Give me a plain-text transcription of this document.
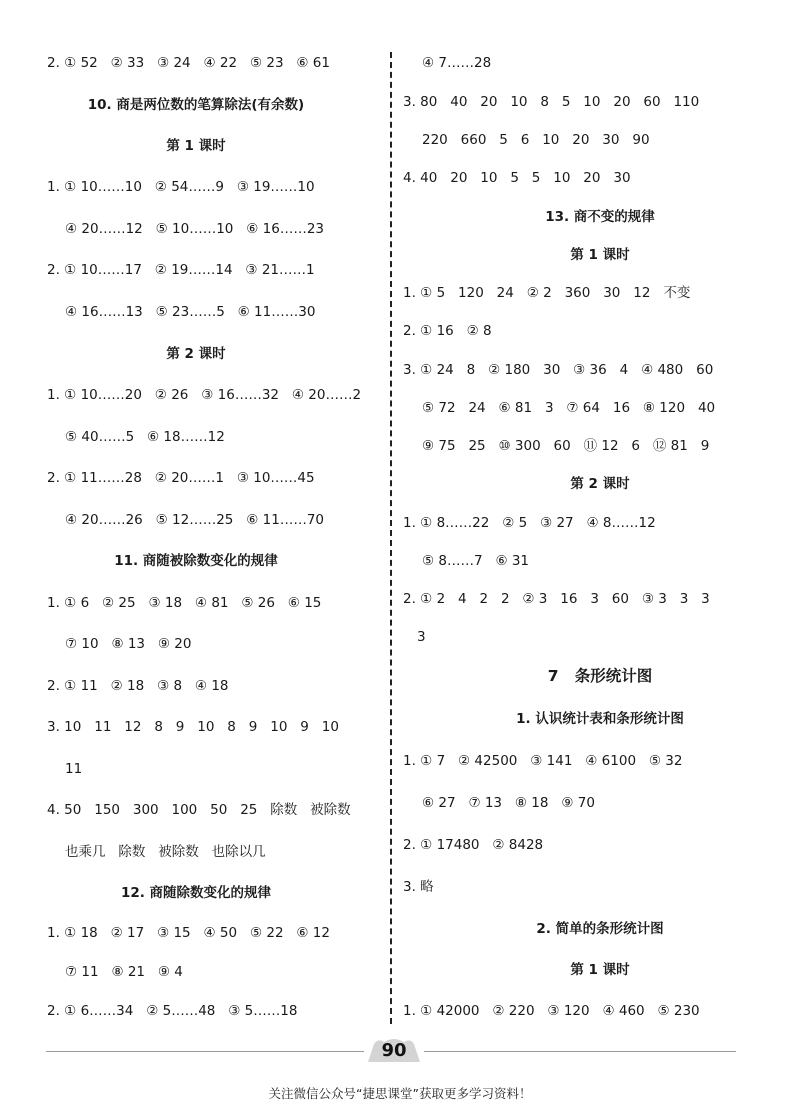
2. ① 52   ② 33   ③ 24   ④ 22   ⑤ 23   ⑥ 61
10. 商是两位数的笔算除法(有余数)
第 1 课时
1. ① 10……10   ② 54……9   ③ 19……10
④ 20……12   ⑤ 10……10   ⑥ 16……23
2. ① 10……17   ② 19……14   ③ 21……1
④ 16……13   ⑤ 23……5   ⑥ 11……30
第 2 课时
1. ① 10……20   ② 26   ③ 16……32   ④ 20……2
⑤ 40……5   ⑥ 18……12
2. ① 11……28   ② 20……1   ③ 10……45
④ 20……26   ⑤ 12……25   ⑥ 11……70
11. 商随被除数变化的规律
1. ① 6   ② 25   ③ 18   ④ 81   ⑤ 26   ⑥ 15
⑦ 10   ⑧ 13   ⑨ 20
2. ① 11   ② 18   ③ 8   ④ 18
3. 10   11   12   8   9   10   8   9   10   9   10
11
4. 50   150   300   100   50   25   除数   被除数
也乘几   除数   被除数   也除以几
12. 商随除数变化的规律
1. ① 18   ② 17   ③ 15   ④ 50   ⑤ 22   ⑥ 12
⑦ 11   ⑧ 21   ⑨ 4
2. ① 6……34   ② 5……48   ③ 5……18
④ 7……28
3. 80   40   20   10   8   5   10   20   60   110
220   660   5   6   10   20   30   90
4. 40   20   10   5   5   10   20   30
13. 商不变的规律
第 1 课时
1. ① 5   120   24   ② 2   360   30   12   不变
2. ① 16   ② 8
3. ① 24   8   ② 180   30   ③ 36   4   ④ 480   60
⑤ 72   24   ⑥ 81   3   ⑦ 64   16   ⑧ 120   40
⑨ 75   25   ⑩ 300   60   ⑪ 12   6   ⑫ 81   9
第 2 课时
1. ① 8……22   ② 5   ③ 27   ④ 8……12
⑤ 8……7   ⑥ 31
2. ① 2   4   2   2   ② 3   16   3   60   ③ 3   3   3
3
7   条形统计图
1. 认识统计表和条形统计图
1. ① 7   ② 42500   ③ 141   ④ 6100   ⑤ 32
⑥ 27   ⑦ 13   ⑧ 18   ⑨ 70
2. ① 17480   ② 8428
3. 略
2. 简单的条形统计图
第 1 课时
1. ① 42000   ② 220   ③ 120   ④ 460   ⑤ 230
90
关注微信公众号“捷思课堂”获取更多学习资料！
